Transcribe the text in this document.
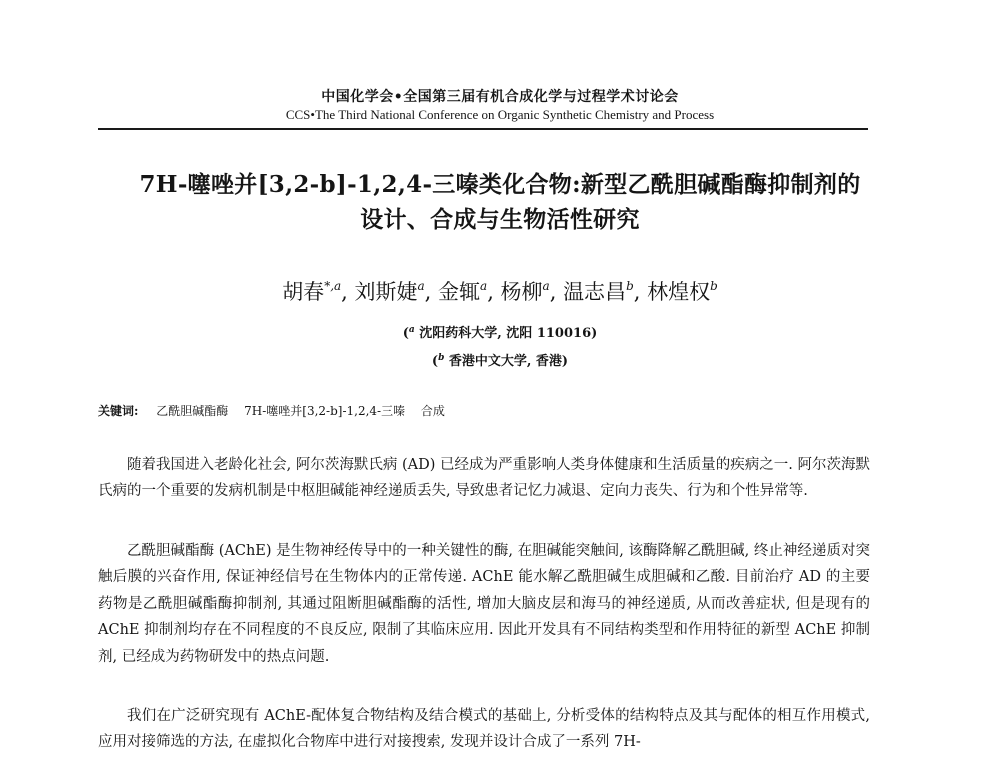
中国化学会•全国第三届有机合成化学与过程学术讨论会
CCS•The Third National Conference on Organic Synthetic Chemistry and Process
7H-噻唑并[3,2-b]-1,2,4-三嗪类化合物:新型乙酰胆碱酯酶抑制剂的
设计、合成与生物活性研究
胡春$^{*,a}$, 刘斯婕$^a$, 金辄$^a$, 杨柳$^a$, 温志昌$^b$, 林煌权$^b$
($^a$ 沈阳药科大学, 沈阳 110016)
($^b$ 香港中文大学, 香港)
关键词: 乙酰胆碱酯酶 7H-噻唑并[3,2-b]-1,2,4-三嗪 合成

随着我国进入老龄化社会, 阿尔茨海默氏病 (AD) 已经成为严重影响人类身体健康和生活质量的疾病之一. 阿尔茨海默氏病的一个重要的发病机制是中枢胆碱能神经递质丢失, 导致患者记忆力减退、定向力丧失、行为和个性异常等.

乙酰胆碱酯酶 (AChE) 是生物神经传导中的一种关键性的酶, 在胆碱能突触间, 该酶降解乙酰胆碱, 终止神经递质对突触后膜的兴奋作用, 保证神经信号在生物体内的正常传递. AChE 能水解乙酰胆碱生成胆碱和乙酸. 目前治疗 AD 的主要药物是乙酰胆碱酯酶抑制剂, 其通过阻断胆碱酯酶的活性, 增加大脑皮层和海马的神经递质, 从而改善症状, 但是现有的 AChE 抑制剂均存在不同程度的不良反应, 限制了其临床应用. 因此开发具有不同结构类型和作用特征的新型 AChE 抑制剂, 已经成为药物研发中的热点问题.

我们在广泛研究现有 AChE-配体复合物结构及结合模式的基础上, 分析受体的结构特点及其与配体的相互作用模式, 应用对接筛选的方法, 在虚拟化合物库中进行对接搜索, 发现并设计合成了一系列 7H-
